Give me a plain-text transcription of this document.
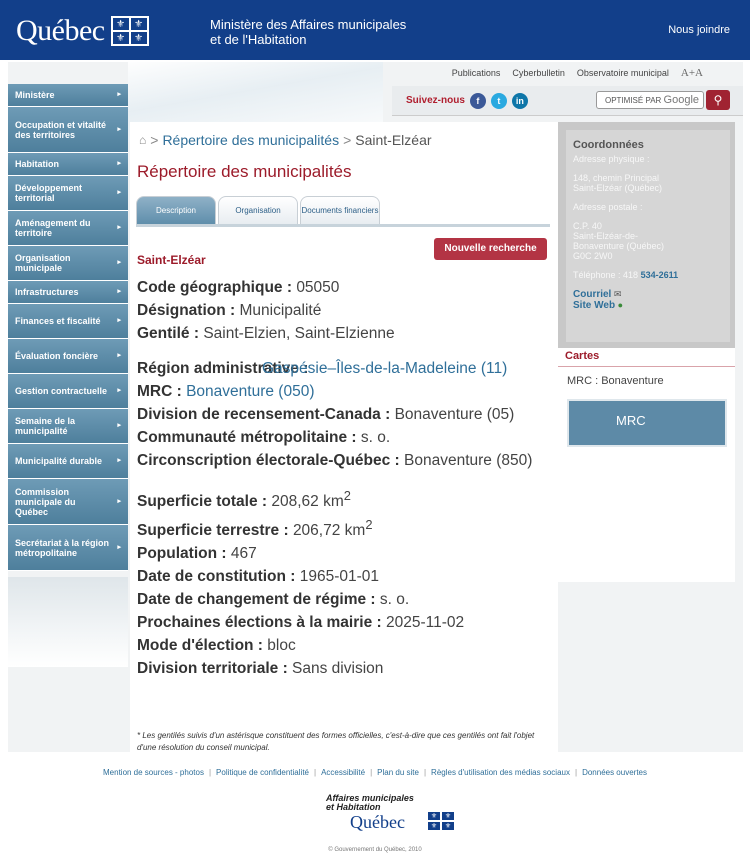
Québec	⚜ ⚜
⚜ ⚜
Ministère des Affaires municipales
et de l'Habitation
Nous joindre
Publications Cyberbulletin Observatoire municipal A+A
Suivez-nous	f	t	in	OPTIMISÉ PAR Google	⚲
Ministère	▸
Occupation et vitalité des territoires
▸
Habitation	▸
Développement territorial
▸
Aménagement du territoire
▸
Organisation municipale
▸
Infrastructures	▸
Finances et fiscalité ▸
Évaluation foncière	▸
Gestion contractuelle ▸
Semaine de la municipalité
▸
Municipalité durable ▸
Commission municipale du Québec
▸
Secrétariat à la région métropolitaine
▸
⌂ > Répertoire des municipalités > Saint-Elzéar
Répertoire des municipalités
Description	Organisation	Documents financiers
Nouvelle recherche
Saint-Elzéar

Code géographique : 05050

Désignation : Municipalité

Gentilé : Saint-Elzien, Saint-Elzienne

Région administrative :

Gaspésie–Îles-de-la-Madeleine (11)

MRC : Bonaventure (050)

Division de recensement-Canada : Bonaventure (05)

Communauté métropolitaine : s. o.

Circonscription électorale-Québec : Bonaventure (850)

Superficie totale : 208,62 $km^2$

Superficie terrestre : 206,72 $km^2$

Population : 467

Date de constitution : 1965-01-01

Date de changement de régime : s. o.

Prochaines élections à la mairie : 2025-11-02

Mode d'élection : bloc

Division territoriale : Sans division

* Les gentilés suivis d'un astérisque constituent des formes officielles, c'est-à-dire que ces gentilés ont fait l'objet d'une résolution du conseil municipal.
Coordonnées
Adresse physique :
148, chemin Principal
Saint-Elzéar (Québec)
Adresse postale :
C.P. 40
Saint-Elzéar-de-
Bonaventure (Québec)
G0C 2W0
Téléphone : 418 534-2611
Courriel ✉
Site Web ●
Cartes
MRC : Bonaventure
MRC
Mention de sources - photos | Politique de confidentialité | Accessibilité | Plan du site | Règles d'utilisation des médias sociaux | Données ouvertes
Affaires municipales
et Habitation
Québec	⚜	⚜
⚜	⚜
© Gouvernement du Québec, 2010
